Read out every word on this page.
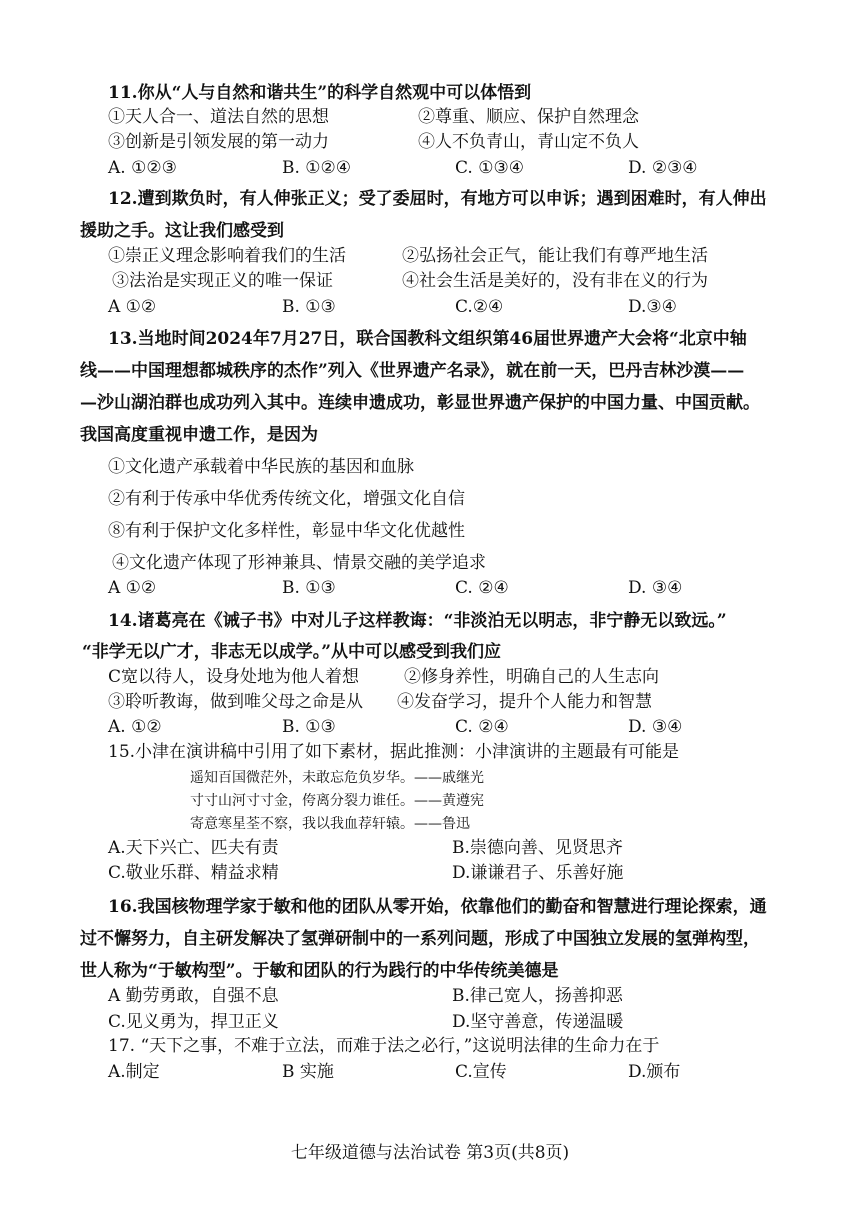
11.你从“人与自然和谐共生”的科学自然观中可以体悟到
①天人合一、道法自然的思想	②尊重、顺应、保护自然理念
③创新是引领发展的第一动力	④人不负青山，青山定不负人
A. ①②③	B. ①②④	C. ①③④	D. ②③④
12.遭到欺负时，有人伸张正义；受了委屈时，有地方可以申诉；遇到困难时，有人伸出
援助之手。这让我们感受到
①崇正义理念影响着我们的生活	②弘扬社会正气，能让我们有尊严地生活
③法治是实现正义的唯一保证	④社会生活是美好的，没有非在义的行为
A ①②	B. ①③	C.②④	D.③④
13.当地时间2024年7月27日，联合国教科文组织第46届世界遗产大会将“北京中轴
线——中国理想都城秩序的杰作”列入《世界遗产名录》，就在前一天，巴丹吉林沙漠——
—沙山湖泊群也成功列入其中。连续申遗成功，彰显世界遗产保护的中国力量、中国贡献。
我国高度重视申遗工作，是因为
①文化遗产承载着中华民族的基因和血脉
②有利于传承中华优秀传统文化，增强文化自信
⑧有利于保护文化多样性，彰显中华文化优越性
④文化遗产体现了形神兼具、情景交融的美学追求
A ①②	B. ①③	C. ②④	D. ③④
14.诸葛亮在《诫子书》中对儿子这样教诲：“非淡泊无以明志，非宁静无以致远。”
“非学无以广才，非志无以成学。”从中可以感受到我们应
C宽以待人，设身处地为他人着想	②修身养性，明确自己的人生志向
③聆听教诲，做到唯父母之命是从 ④发奋学习，提升个人能力和智慧
A. ①②	B. ①③	C. ②④	D. ③④
15.小津在演讲稿中引用了如下素材，据此推测：小津演讲的主题最有可能是
遥知百国微茫外，未敢忘危负岁华。——戚继光
寸寸山河寸寸金，侉离分裂力谁任。——黄遵宪
寄意寒星荃不察，我以我血荐轩辕。——鲁迅
A.天下兴亡、匹夫有责	B.崇德向善、见贤思齐
C.敬业乐群、精益求精	D.谦谦君子、乐善好施
16.我国核物理学家于敏和他的团队从零开始，依靠他们的勤奋和智慧进行理论探索，通
过不懈努力，自主研发解决了氢弹研制中的一系列问题，形成了中国独立发展的氢弹构型，
世人称为“于敏构型”。于敏和团队的行为践行的中华传统美德是
A 勤劳勇敢，自强不息	B.律己宽人，扬善抑恶
C.见义勇为，捍卫正义	D.坚守善意，传递温暖
17. “天下之事，不难于立法，而难于法之必行，”这说明法律的生命力在于
A.制定	B 实施	C.宣传	D.颁布
七年级道德与法治试卷 第3页(共8页)
